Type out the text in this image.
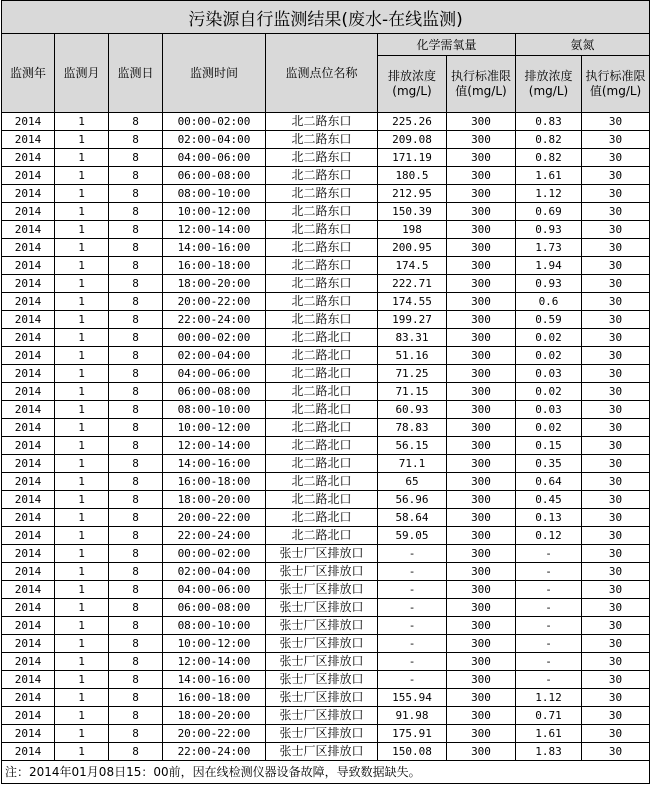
污染源自行监测结果(废水-在线监测)								
监测年	监测月	监测日	监测时间	监测点位名称	化学需氧量		氨氮	
					排放浓度(mg/L)	执行标准限值(mg/L)	排放浓度(mg/L)	执行标准限值(mg/L)
2014	1	8	00:00-02:00	北二路东口	225.26	300	0.83	30
2014	1	8	02:00-04:00	北二路东口	209.08	300	0.82	30
2014	1	8	04:00-06:00	北二路东口	171.19	300	0.82	30
2014	1	8	06:00-08:00	北二路东口	180.5	300	1.61	30
2014	1	8	08:00-10:00	北二路东口	212.95	300	1.12	30
2014	1	8	10:00-12:00	北二路东口	150.39	300	0.69	30
2014	1	8	12:00-14:00	北二路东口	198	300	0.93	30
2014	1	8	14:00-16:00	北二路东口	200.95	300	1.73	30
2014	1	8	16:00-18:00	北二路东口	174.5	300	1.94	30
2014	1	8	18:00-20:00	北二路东口	222.71	300	0.93	30
2014	1	8	20:00-22:00	北二路东口	174.55	300	0.6	30
2014	1	8	22:00-24:00	北二路东口	199.27	300	0.59	30
2014	1	8	00:00-02:00	北二路北口	83.31	300	0.02	30
2014	1	8	02:00-04:00	北二路北口	51.16	300	0.02	30
2014	1	8	04:00-06:00	北二路北口	71.25	300	0.03	30
2014	1	8	06:00-08:00	北二路北口	71.15	300	0.02	30
2014	1	8	08:00-10:00	北二路北口	60.93	300	0.03	30
2014	1	8	10:00-12:00	北二路北口	78.83	300	0.02	30
2014	1	8	12:00-14:00	北二路北口	56.15	300	0.15	30
2014	1	8	14:00-16:00	北二路北口	71.1	300	0.35	30
2014	1	8	16:00-18:00	北二路北口	65	300	0.64	30
2014	1	8	18:00-20:00	北二路北口	56.96	300	0.45	30
2014	1	8	20:00-22:00	北二路北口	58.64	300	0.13	30
2014	1	8	22:00-24:00	北二路北口	59.05	300	0.12	30
2014	1	8	00:00-02:00	张士厂区排放口	-	300	-	30
2014	1	8	02:00-04:00	张士厂区排放口	-	300	-	30
2014	1	8	04:00-06:00	张士厂区排放口	-	300	-	30
2014	1	8	06:00-08:00	张士厂区排放口	-	300	-	30
2014	1	8	08:00-10:00	张士厂区排放口	-	300	-	30
2014	1	8	10:00-12:00	张士厂区排放口	-	300	-	30
2014	1	8	12:00-14:00	张士厂区排放口	-	300	-	30
2014	1	8	14:00-16:00	张士厂区排放口	-	300	-	30
2014	1	8	16:00-18:00	张士厂区排放口	155.94	300	1.12	30
2014	1	8	18:00-20:00	张士厂区排放口	91.98	300	0.71	30
2014	1	8	20:00-22:00	张士厂区排放口	175.91	300	1.61	30
2014	1	8	22:00-24:00	张士厂区排放口	150.08	300	1.83	30
注：2014年01月08日15：00前，因在线检测仪器设备故障，导致数据缺失。								
